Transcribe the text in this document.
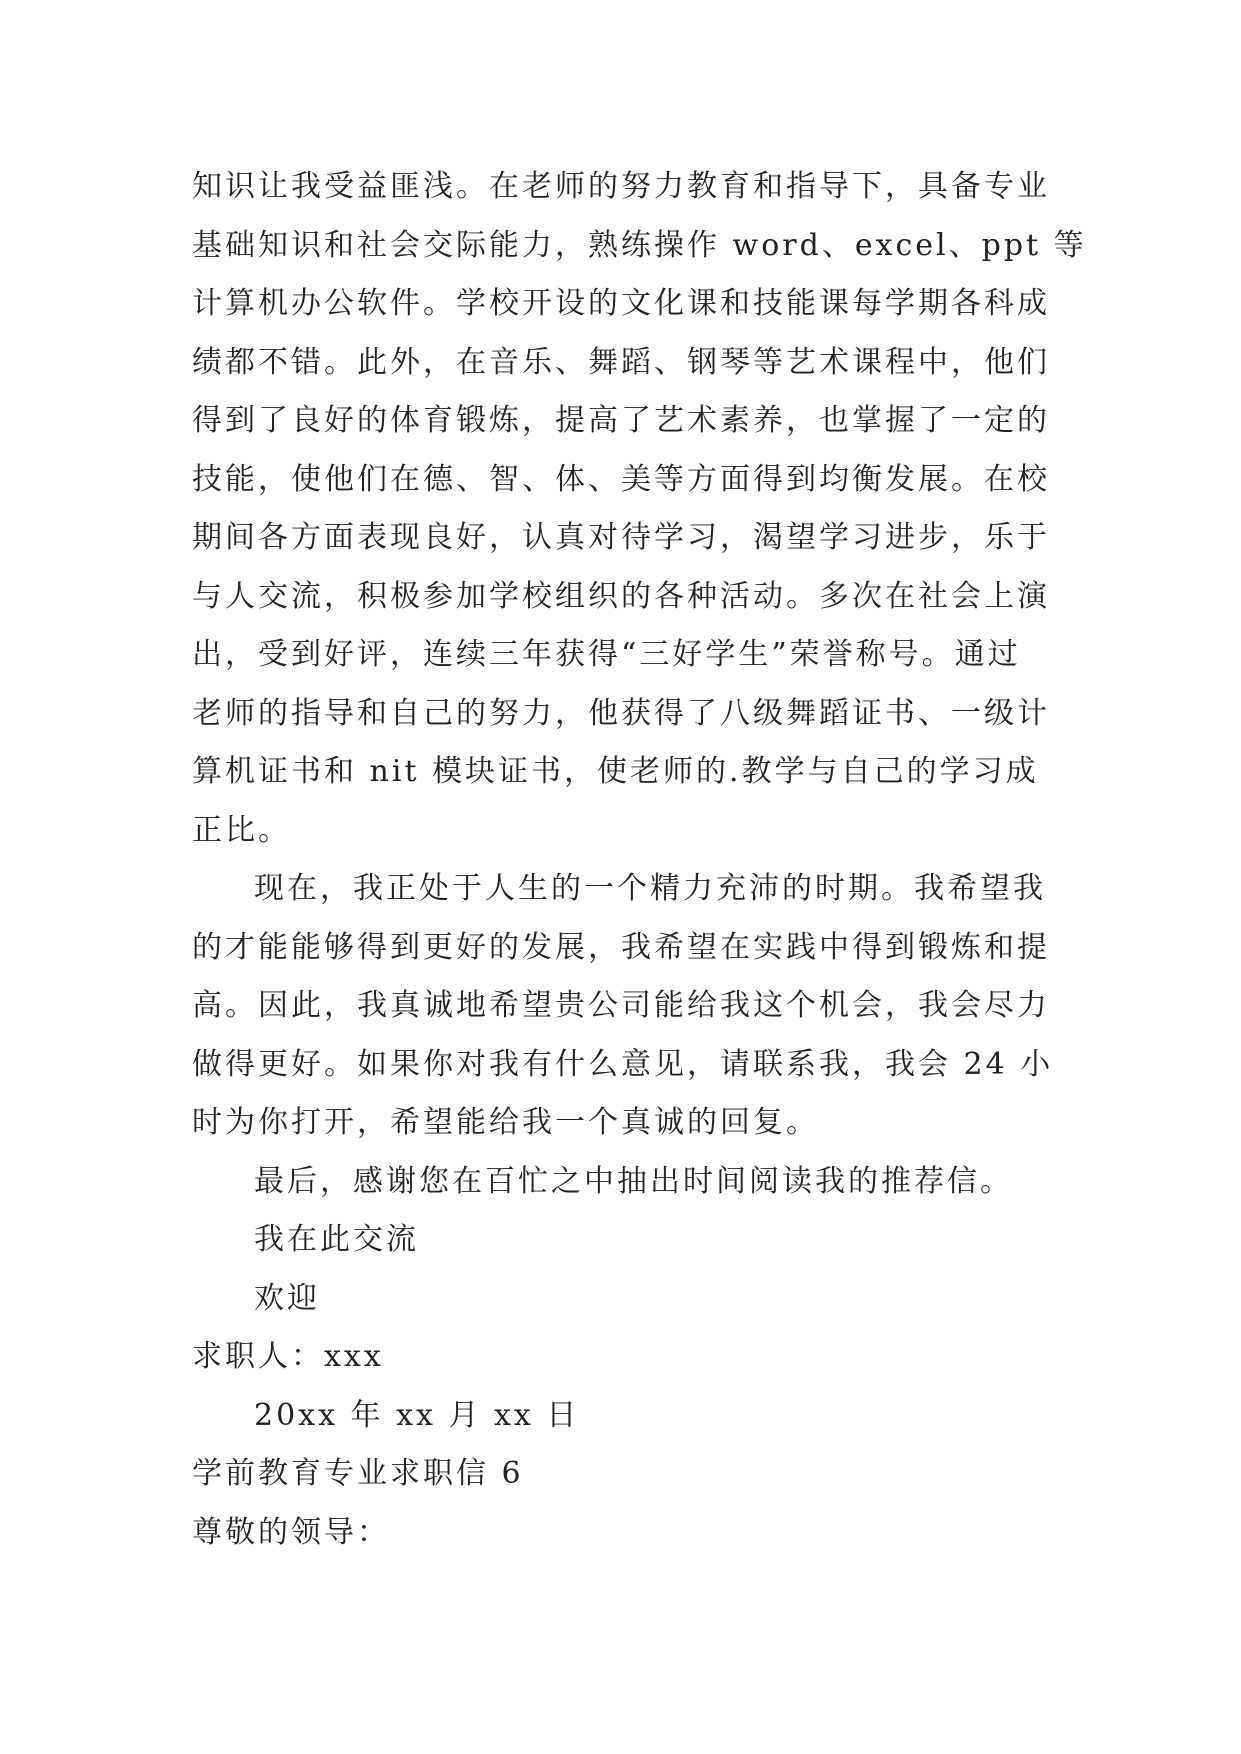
知识让我受益匪浅。在老师的努力教育和指导下，具备专业
基础知识和社会交际能力，熟练操作 word、excel、ppt 等
计算机办公软件。学校开设的文化课和技能课每学期各科成
绩都不错。此外，在音乐、舞蹈、钢琴等艺术课程中，他们
得到了良好的体育锻炼，提高了艺术素养，也掌握了一定的
技能，使他们在德、智、体、美等方面得到均衡发展。在校
期间各方面表现良好，认真对待学习，渴望学习进步，乐于
与人交流，积极参加学校组织的各种活动。多次在社会上演
出，受到好评，连续三年获得“三好学生”荣誉称号。通过
老师的指导和自己的努力，他获得了八级舞蹈证书、一级计
算机证书和 nit 模块证书，使老师的.教学与自己的学习成
正比。
现在，我正处于人生的一个精力充沛的时期。我希望我
的才能能够得到更好的发展，我希望在实践中得到锻炼和提
高。因此，我真诚地希望贵公司能给我这个机会，我会尽力
做得更好。如果你对我有什么意见，请联系我，我会 24 小
时为你打开，希望能给我一个真诚的回复。
最后，感谢您在百忙之中抽出时间阅读我的推荐信。
我在此交流
欢迎
求职人：xxx
20xx 年 xx 月 xx 日
学前教育专业求职信 6
尊敬的领导：
